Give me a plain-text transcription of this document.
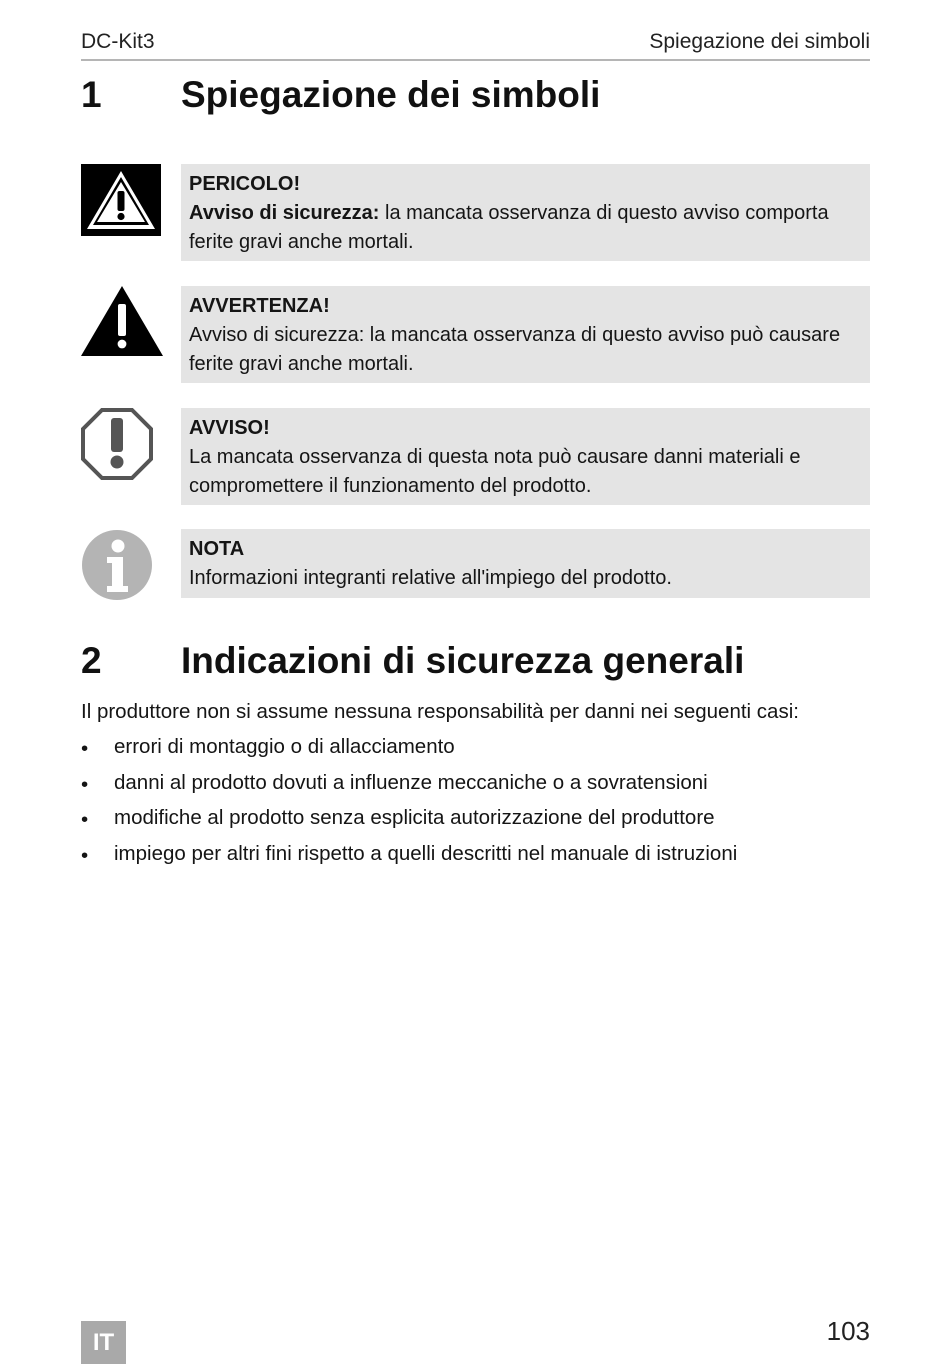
DC-Kit3	Spiegazione dei simboli
1 Spiegazione dei simboli
PERICOLO!
Avviso di sicurezza: la mancata osservanza di questo avviso comporta ferite gravi anche mortali.
AVVERTENZA!
Avviso di sicurezza: la mancata osservanza di questo avviso può causare ferite gravi anche mortali.
AVVISO!
La mancata osservanza di questa nota può causare danni materiali e compromettere il funzionamento del prodotto.
NOTA
Informazioni integranti relative all'impiego del prodotto.
2 Indicazioni di sicurezza generali
Il produttore non si assume nessuna responsabilità per danni nei seguenti casi:
• errori di montaggio o di allacciamento
• danni al prodotto dovuti a influenze meccaniche o a sovratensioni
• modifiche al prodotto senza esplicita autorizzazione del produttore
• impiego per altri fini rispetto a quelli descritti nel manuale di istruzioni
IT	103
